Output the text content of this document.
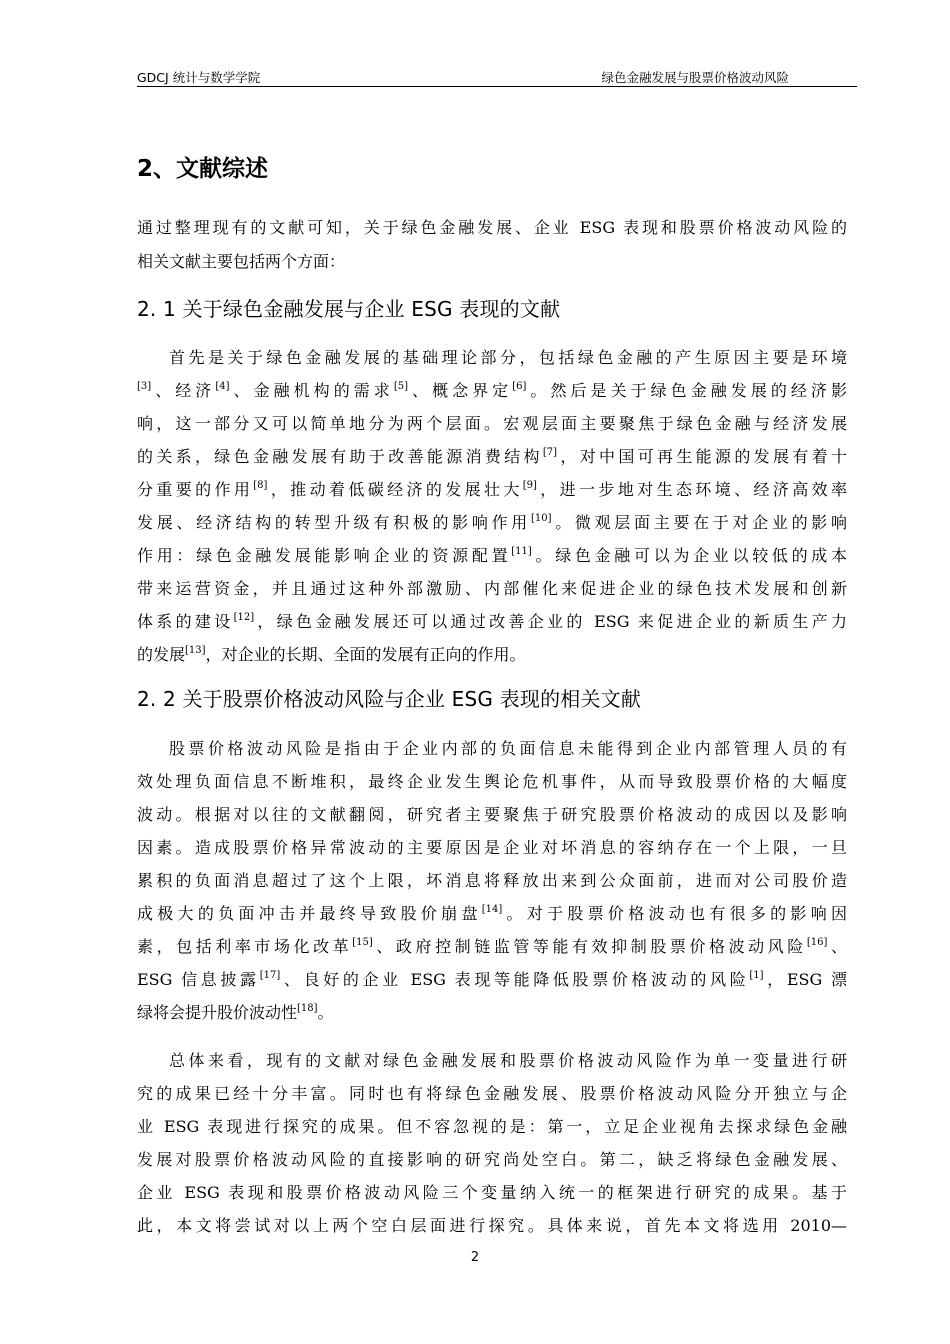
GDCJ 统计与数学学院	绿色金融发展与股票价格波动风险
2、文献综述
通过整理现有的文献可知，关于绿色金融发展、企业 ESG 表现和股票价格波动风险的
相关文献主要包括两个方面：
2. 1 关于绿色金融发展与企业 ESG 表现的文献
首先是关于绿色金融发展的基础理论部分，包括绿色金融的产生原因主要是环境
[3]、经济[4]、金融机构的需求[5]、概念界定[6]。然后是关于绿色金融发展的经济影
响，这一部分又可以简单地分为两个层面。宏观层面主要聚焦于绿色金融与经济发展
的关系，绿色金融发展有助于改善能源消费结构[7]，对中国可再生能源的发展有着十
分重要的作用[8]，推动着低碳经济的发展壮大[9]，进一步地对生态环境、经济高效率
发展、经济结构的转型升级有积极的影响作用[10]。微观层面主要在于对企业的影响
作用：绿色金融发展能影响企业的资源配置[11]。绿色金融可以为企业以较低的成本
带来运营资金，并且通过这种外部激励、内部催化来促进企业的绿色技术发展和创新
体系的建设[12]，绿色金融发展还可以通过改善企业的 ESG 来促进企业的新质生产力
的发展[13]，对企业的长期、全面的发展有正向的作用。
2. 2 关于股票价格波动风险与企业 ESG 表现的相关文献
股票价格波动风险是指由于企业内部的负面信息未能得到企业内部管理人员的有
效处理负面信息不断堆积，最终企业发生舆论危机事件，从而导致股票价格的大幅度
波动。根据对以往的文献翻阅，研究者主要聚焦于研究股票价格波动的成因以及影响
因素。造成股票价格异常波动的主要原因是企业对坏消息的容纳存在一个上限，一旦
累积的负面消息超过了这个上限，坏消息将释放出来到公众面前，进而对公司股价造
成极大的负面冲击并最终导致股价崩盘[14]。对于股票价格波动也有很多的影响因
素，包括利率市场化改革[15]、政府控制链监管等能有效抑制股票价格波动风险[16]、
ESG 信息披露[17]、良好的企业 ESG 表现等能降低股票价格波动的风险[1]，ESG 漂
绿将会提升股价波动性[18]。
总体来看，现有的文献对绿色金融发展和股票价格波动风险作为单一变量进行研
究的成果已经十分丰富。同时也有将绿色金融发展、股票价格波动风险分开独立与企
业 ESG 表现进行探究的成果。但不容忽视的是：第一，立足企业视角去探求绿色金融
发展对股票价格波动风险的直接影响的研究尚处空白。第二，缺乏将绿色金融发展、
企业 ESG 表现和股票价格波动风险三个变量纳入统一的框架进行研究的成果。基于
此，本文将尝试对以上两个空白层面进行探究。具体来说，首先本文将选用 2010—
2
